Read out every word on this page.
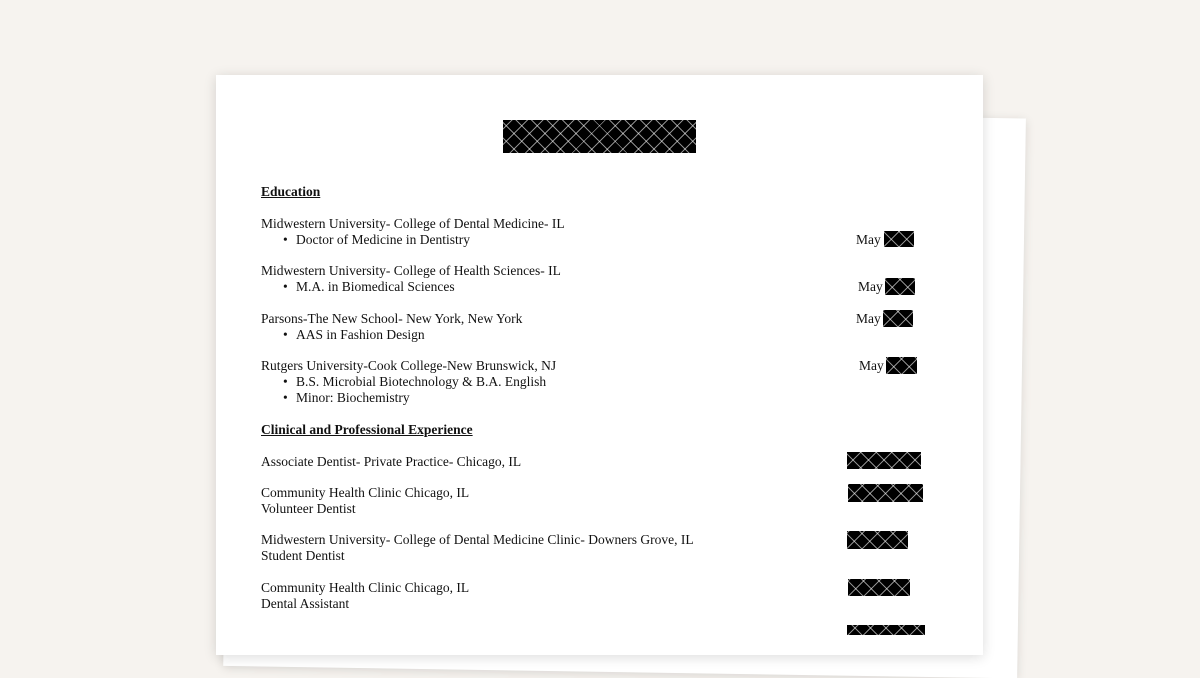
Education
Midwestern University- College of Dental Medicine- IL
• Doctor of Medicine in Dentistry	May
Midwestern University- College of Health Sciences- IL
• M.A. in Biomedical Sciences	May
Parsons-The New School- New York, New York
• AAS in Fashion Design
May
Rutgers University-Cook College-New Brunswick, NJ
• B.S. Microbial Biotechnology & B.A. English
• Minor: Biochemistry
May
Clinical and Professional Experience
Associate Dentist- Private Practice- Chicago, IL
Community Health Clinic Chicago, IL
Volunteer Dentist
Midwestern University- College of Dental Medicine Clinic- Downers Grove, IL
Student Dentist
Community Health Clinic Chicago, IL
Dental Assistant
